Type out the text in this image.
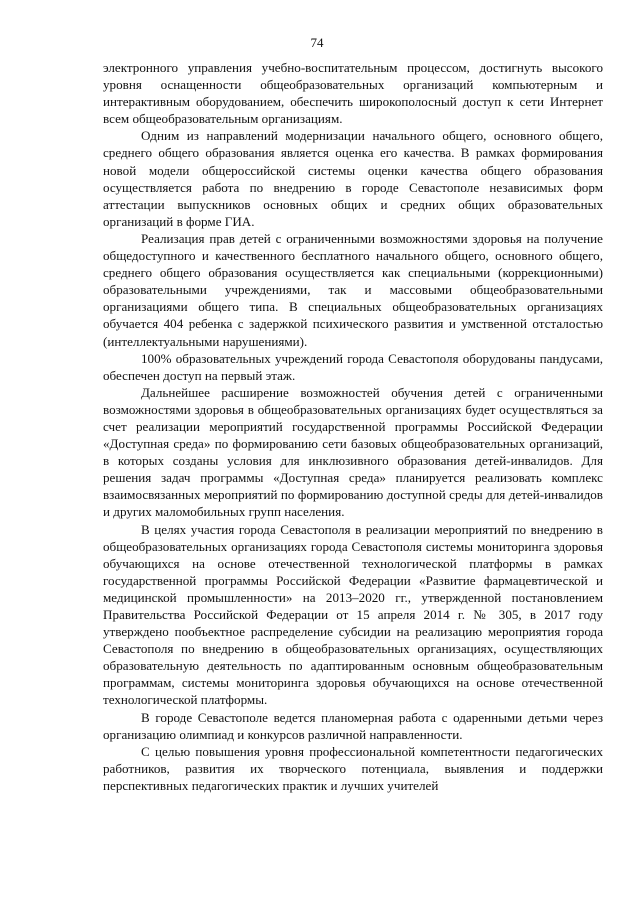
74

электронного управления учебно-воспитательным процессом, достигнуть высокого уровня оснащенности общеобразовательных организаций компьютерным и интерактивным оборудованием, обеспечить широкополосный доступ к сети Интернет всем общеобразовательным организациям.

Одним из направлений модернизации начального общего, основного общего, среднего общего образования является оценка его качества. В рамках формирования новой модели общероссийской системы оценки качества общего образования осуществляется работа по внедрению в городе Севастополе независимых форм аттестации выпускников основных общих и средних общих образовательных организаций в форме ГИА.

Реализация прав детей с ограниченными возможностями здоровья на получение общедоступного и качественного бесплатного начального общего, основного общего, среднего общего образования осуществляется как специальными (коррекционными) образовательными учреждениями, так и массовыми общеобразовательными организациями общего типа. В специальных общеобразовательных организациях обучается 404 ребенка с задержкой психического развития и умственной отсталостью (интеллектуальными нарушениями).

100% образовательных учреждений города Севастополя оборудованы пандусами, обеспечен доступ на первый этаж.

Дальнейшее расширение возможностей обучения детей с ограниченными возможностями здоровья в общеобразовательных организациях будет осуществляться за счет реализации мероприятий государственной программы Российской Федерации «Доступная среда» по формированию сети базовых общеобразовательных организаций, в которых созданы условия для инклюзивного образования детей-инвалидов. Для решения задач программы «Доступная среда» планируется реализовать комплекс взаимосвязанных мероприятий по формированию доступной среды для детей-инвалидов и других маломобильных групп населения.

В целях участия города Севастополя в реализации мероприятий по внедрению в общеобразовательных организациях города Севастополя системы мониторинга здоровья обучающихся на основе отечественной технологической платформы в рамках государственной программы Российской Федерации «Развитие фармацевтической и медицинской промышленности» на 2013–2020 гг., утвержденной постановлением Правительства Российской Федерации от 15 апреля 2014 г. № 305, в 2017 году утверждено пообъектное распределение субсидии на реализацию мероприятия города Севастополя по внедрению в общеобразовательных организациях, осуществляющих образовательную деятельность по адаптированным основным общеобразовательным программам, системы мониторинга здоровья обучающихся на основе отечественной технологической платформы.

В городе Севастополе ведется планомерная работа с одаренными детьми через организацию олимпиад и конкурсов различной направленности.

С целью повышения уровня профессиональной компетентности педагогических работников, развития их творческого потенциала, выявления и поддержки перспективных педагогических практик и лучших учителей
